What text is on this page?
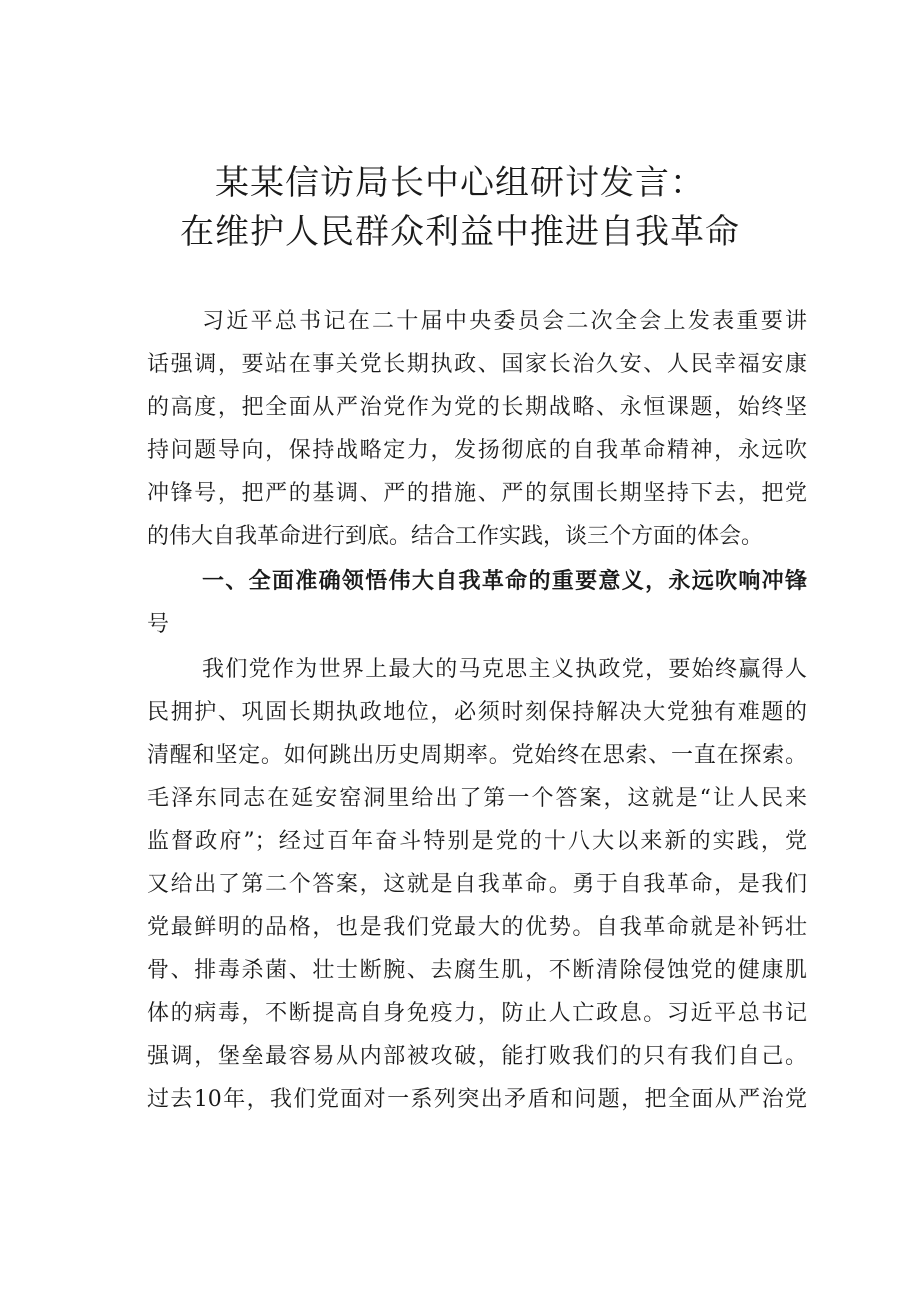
某某信访局长中心组研讨发言：
在维护人民群众利益中推进自我革命
习近平总书记在二十届中央委员会二次全会上发表重要讲
话强调，要站在事关党长期执政、国家长治久安、人民幸福安康
的高度，把全面从严治党作为党的长期战略、永恒课题，始终坚
持问题导向，保持战略定力，发扬彻底的自我革命精神，永远吹
冲锋号，把严的基调、严的措施、严的氛围长期坚持下去，把党
的伟大自我革命进行到底。结合工作实践，谈三个方面的体会。
一、全面准确领悟伟大自我革命的重要意义，永远吹响冲锋
号
我们党作为世界上最大的马克思主义执政党，要始终赢得人
民拥护、巩固长期执政地位，必须时刻保持解决大党独有难题的
清醒和坚定。如何跳出历史周期率。党始终在思索、一直在探索。
毛泽东同志在延安窑洞里给出了第一个答案，这就是“让人民来
监督政府”；经过百年奋斗特别是党的十八大以来新的实践，党
又给出了第二个答案，这就是自我革命。勇于自我革命，是我们
党最鲜明的品格，也是我们党最大的优势。自我革命就是补钙壮
骨、排毒杀菌、壮士断腕、去腐生肌，不断清除侵蚀党的健康肌
体的病毒，不断提高自身免疫力，防止人亡政息。习近平总书记
强调，堡垒最容易从内部被攻破，能打败我们的只有我们自己。
过去10年，我们党面对一系列突出矛盾和问题，把全面从严治党
